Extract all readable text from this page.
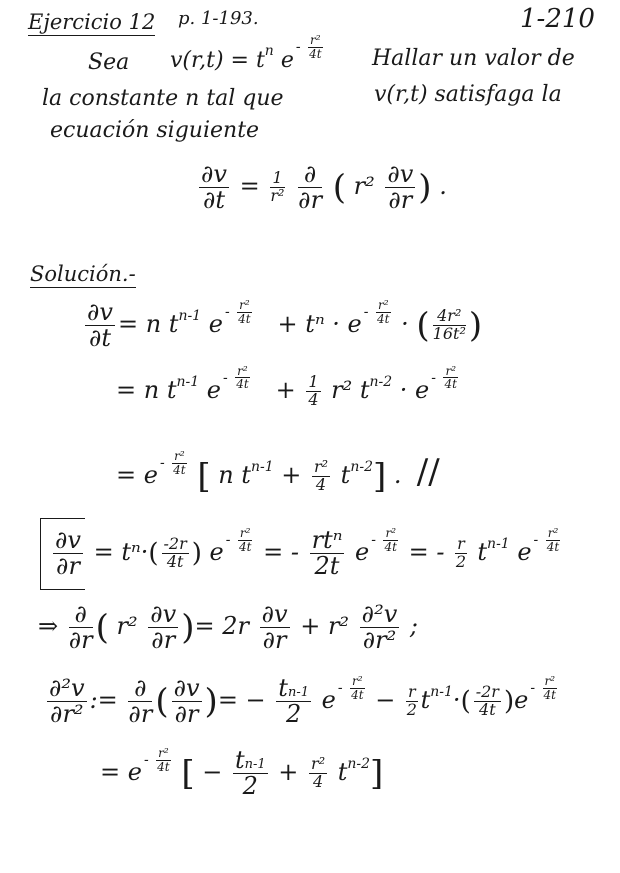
Ejercicio 12 p. 1-193.	1-210
Sea $v(r,t) = t^n$ $e- \frac{\text{r²}}{4t}$ Hallar un valor de
la constante n tal que	v(r,t) satisfaga la
ecuación siguiente
$\frac{\partial v}{\partial t} = \frac{1}{\text{r²}}$
$\frac{\partial}{\partial r}$ ( $r^2 \frac{\partial v}{\partial r}$ ) .
Solución.-
$\frac{\partial v}{\partial t} = n$ $t^{n-1}$ $e - \frac{\text{r²}}{4t} + t^n \cdot e - \frac{\text{r²}}{4t}$ · ( $\frac{\text{4r²}}{\text{16t²}}$ )
= n $t^{n-1}$ $e - \frac{\text{r²}}{4t} + \frac{1}{4} r^2$ $t^{n-2} \cdot e - \frac{\text{r²}}{4t}$
= e - $\frac{\text{r²}}{4t}$ [ n $t^{n-1} + \frac{\text{r²}}{4} t^{n-2}$] .  //
$\frac{\partial v}{\partial r} = t^n\cdot( \frac{-2r}{4t}$ ) e - $\frac{\text{r²}}{4t}$ = - $\frac{\text{rtⁿ}}{2t}$ e - $\frac{\text{r²}}{4t}$ = - $\frac{r}{2} t^{n-1}$ e - $\frac{\text{r²}}{4t}$
⇒ $\frac{\partial}{\partial r}$ ( $r^2 \frac{\partial v}{\partial r}$ )= $2r \frac{\partial v}{\partial r} + r^2 \frac{\text{∂²v}}{\text{∂r²}}$ ;
$\frac{\text{∂²v}}{\text{∂r²}}$ := $\frac{\partial}{\partial r}$ ( $\frac{\partial v}{\partial r}$ )= − $\frac{tn-1}{2}$ $e - \frac{\text{r²}}{4t} - \frac{r}{2} t^{n-1}\cdot( \frac{-2r}{4t} )e - \frac{\text{r²}}{4t}$
= e - $\frac{\text{r²}}{4t}$ [ − $\frac{tn-1}{2} + \frac{\text{r²}}{4} t^{n-2}$]
